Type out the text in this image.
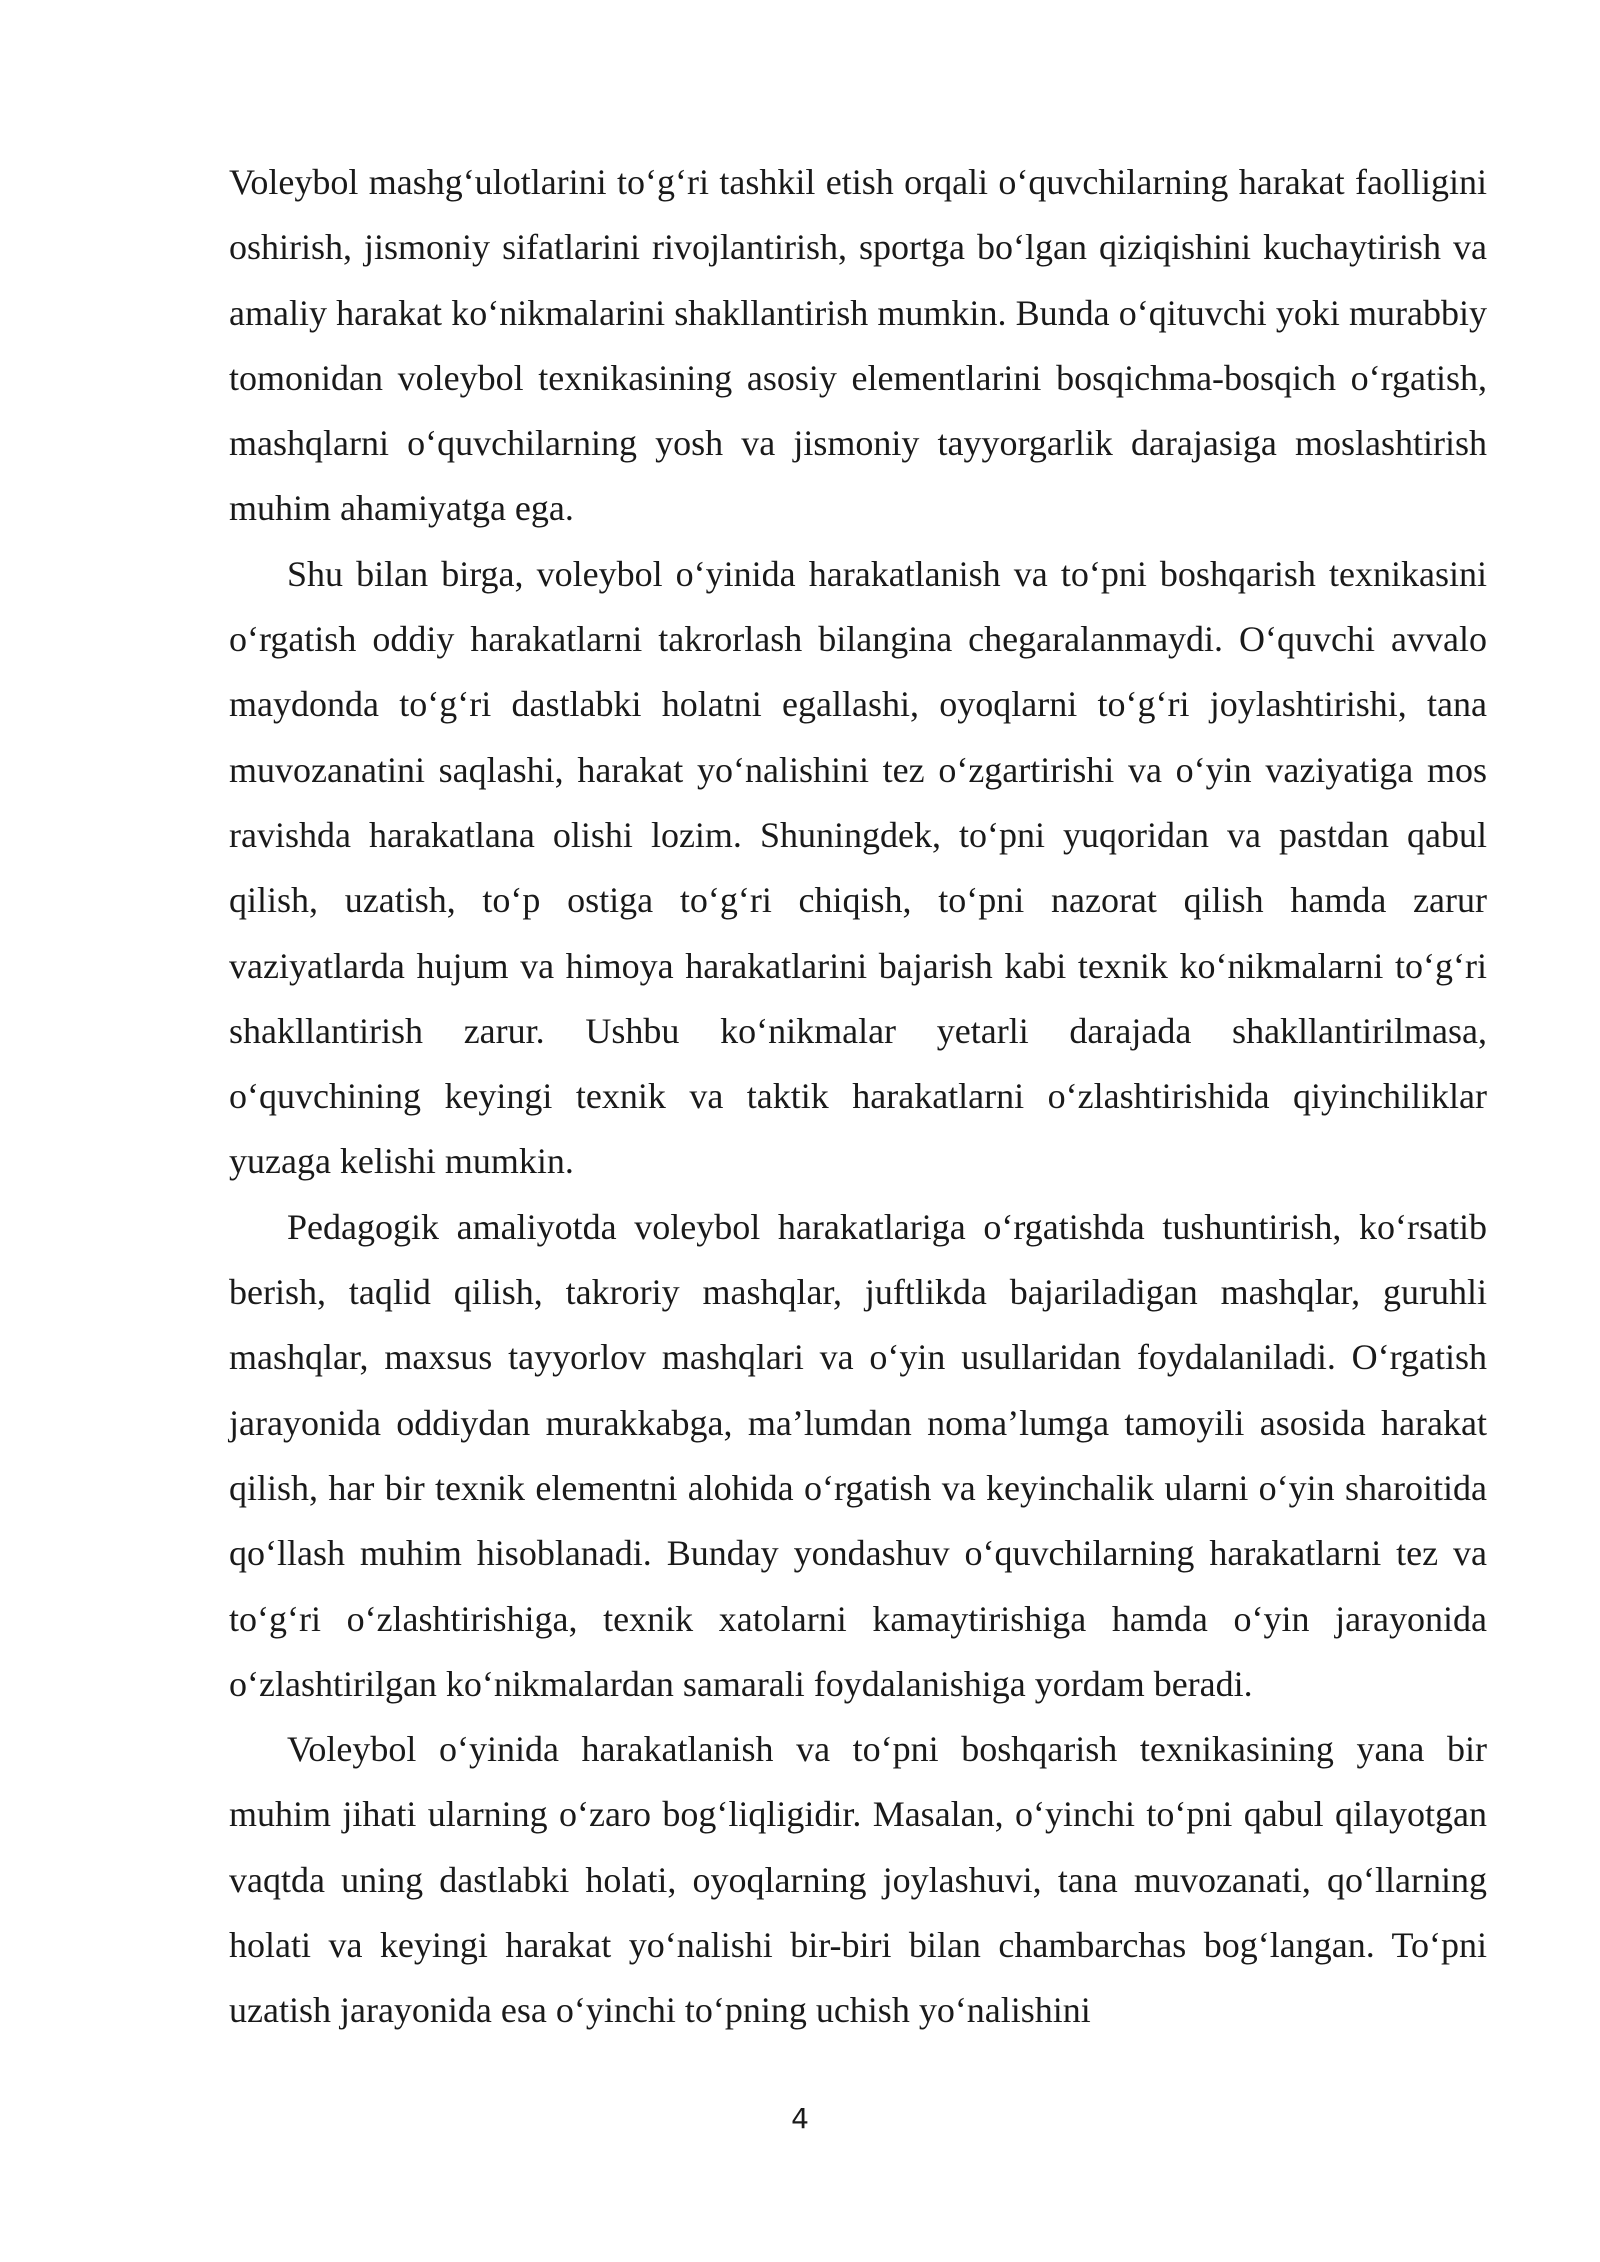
Voleybol mashg‘ulotlarini to‘g‘ri tashkil etish orqali o‘quvchilarning harakat faolligini oshirish, jismoniy sifatlarini rivojlantirish, sportga bo‘lgan qiziqishini kuchaytirish va amaliy harakat ko‘nikmalarini shakllantirish mumkin. Bunda o‘qituvchi yoki murabbiy tomonidan voleybol texnikasining asosiy elementlarini bosqichma-bosqich o‘rgatish, mashqlarni o‘quvchilarning yosh va jismoniy tayyorgarlik darajasiga moslashtirish muhim ahamiyatga ega.

Shu bilan birga, voleybol o‘yinida harakatlanish va to‘pni boshqarish texnikasini o‘rgatish oddiy harakatlarni takrorlash bilangina chegaralanmaydi. O‘quvchi avvalo maydonda to‘g‘ri dastlabki holatni egallashi, oyoqlarni to‘g‘ri joylashtirishi, tana muvozanatini saqlashi, harakat yo‘nalishini tez o‘zgartirishi va o‘yin vaziyatiga mos ravishda harakatlana olishi lozim. Shuningdek, to‘pni yuqoridan va pastdan qabul qilish, uzatish, to‘p ostiga to‘g‘ri chiqish, to‘pni nazorat qilish hamda zarur vaziyatlarda hujum va himoya harakatlarini bajarish kabi texnik ko‘nikmalarni to‘g‘ri shakllantirish zarur. Ushbu ko‘nikmalar yetarli darajada shakllantirilmasa, o‘quvchining keyingi texnik va taktik harakatlarni o‘zlashtirishida qiyinchiliklar yuzaga kelishi mumkin.

Pedagogik amaliyotda voleybol harakatlariga o‘rgatishda tushuntirish, ko‘rsatib berish, taqlid qilish, takroriy mashqlar, juftlikda bajariladigan mashqlar, guruhli mashqlar, maxsus tayyorlov mashqlari va o‘yin usullaridan foydalaniladi. O‘rgatish jarayonida oddiydan murakkabga, ma’lumdan noma’lumga tamoyili asosida harakat qilish, har bir texnik elementni alohida o‘rgatish va keyinchalik ularni o‘yin sharoitida qo‘llash muhim hisoblanadi. Bunday yondashuv o‘quvchilarning harakatlarni tez va to‘g‘ri o‘zlashtirishiga, texnik xatolarni kamaytirishiga hamda o‘yin jarayonida o‘zlashtirilgan ko‘nikmalardan samarali foydalanishiga yordam beradi.

Voleybol o‘yinida harakatlanish va to‘pni boshqarish texnikasining yana bir muhim jihati ularning o‘zaro bog‘liqligidir. Masalan, o‘yinchi to‘pni qabul qilayotgan vaqtda uning dastlabki holati, oyoqlarning joylashuvi, tana muvozanati, qo‘llarning holati va keyingi harakat yo‘nalishi bir-biri bilan chambarchas bog‘langan. To‘pni uzatish jarayonida esa o‘yinchi to‘pning uchish yo‘nalishini

4
